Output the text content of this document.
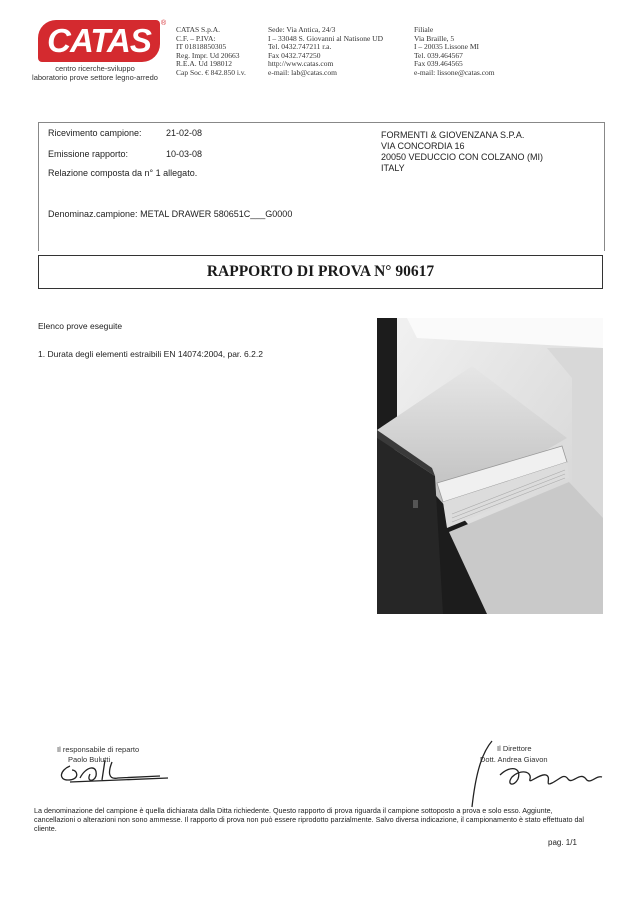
CATAS	®
centro ricerche-sviluppo
laboratorio prove settore legno-arredo
CATAS S.p.A.
C.F. – P.IVA:
IT 01818850305
Reg. Impr. Ud 20663
R.E.A. Ud 198012
Cap Soc. € 842.850 i.v.
Sede: Via Antica, 24/3
I – 33048 S. Giovanni al Natisone UD
Tel. 0432.747211 r.a.
Fax 0432.747250
http://www.catas.com
e-mail: lab@catas.com
Filiale
Via Braille, 5
I – 20035 Lissone MI
Tel. 039.464567
Fax 039.464565
e-mail: lissone@catas.com
Ricevimento campione:	21-02-08
Emissione rapporto:	10-03-08
Relazione composta da n° 1 allegato.
Denominaz.campione: METAL DRAWER 580651C___G0000
FORMENTI & GIOVENZANA S.P.A.
VIA CONCORDIA 16
20050 VEDUCCIO CON COLZANO (MI)
ITALY
RAPPORTO DI PROVA N° 90617
Elenco prove eseguite
1. Durata degli elementi estraibili EN 14074:2004, par. 6.2.2
Il responsabile di reparto
Paolo Bulutti
Il Direttore
Dott. Andrea Giavon
La denominazione del campione è quella dichiarata dalla Ditta richiedente. Questo rapporto di prova riguarda il campione sottoposto a prova e solo esso. Aggiunte, cancellazioni o alterazioni non sono ammesse. Il rapporto di prova non può essere riprodotto parzialmente. Salvo diversa indicazione, il campionamento è stato effettuato dal cliente.
pag. 1/1
